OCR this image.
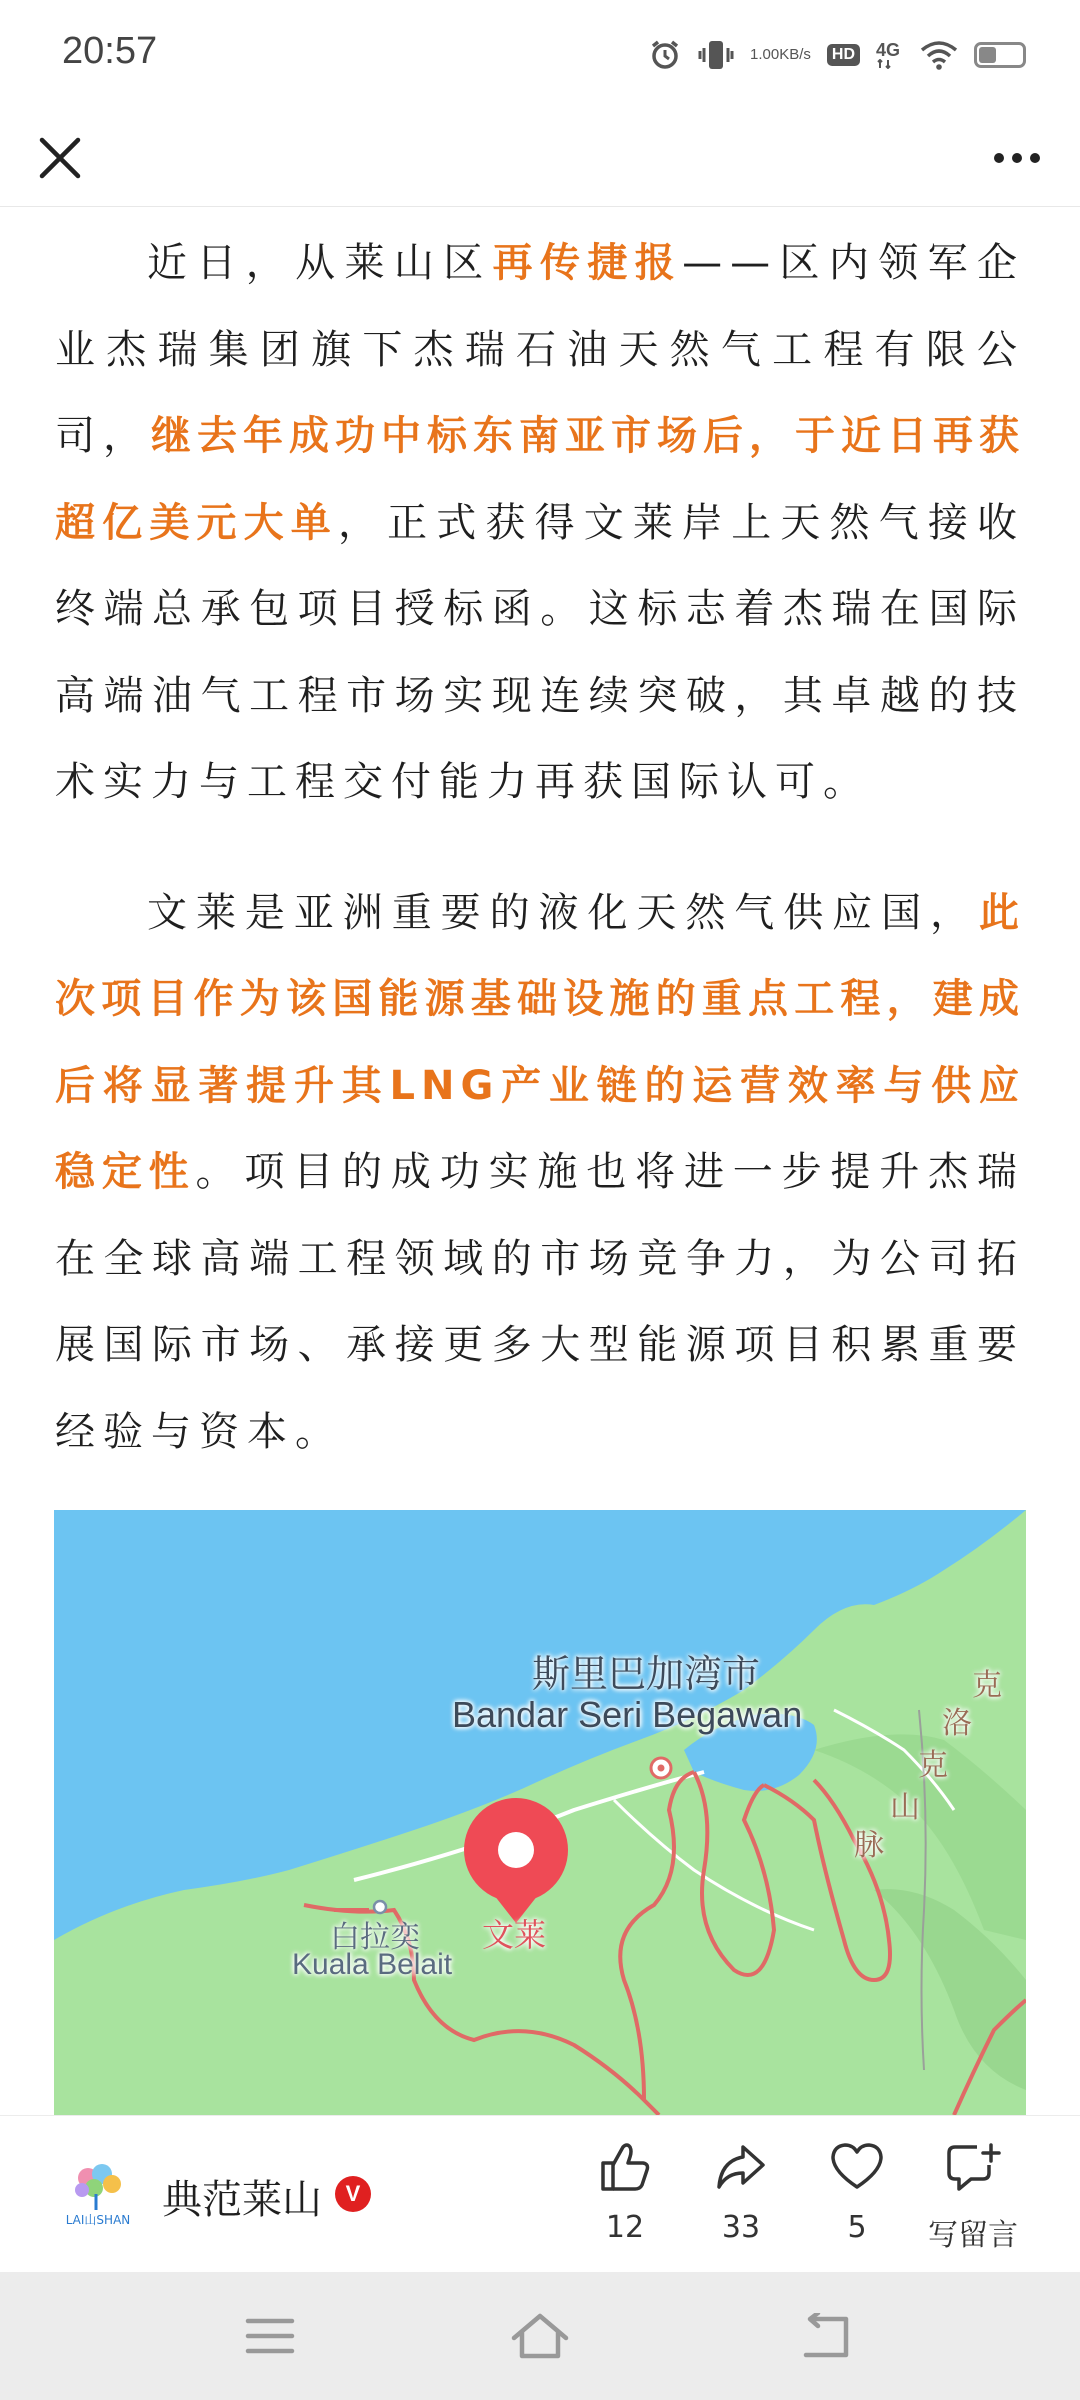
20:57	1.00 KB/s	HD 4G

近日，从莱山区再传捷报——区内领军企业杰瑞集团旗下杰瑞石油天然气工程有限公司，继去年成功中标东南亚市场后，于近日再获超亿美元大单，正式获得文莱岸上天然气接收终端总承包项目授标函。这标志着杰瑞在国际高端油气工程市场实现连续突破，其卓越的技术实力与工程交付能力再获国际认可。

文莱是亚洲重要的液化天然气供应国，此次项目作为该国能源基础设施的重点工程，建成后将显著提升其LNG产业链的运营效率与供应稳定性。项目的成功实施也将进一步提升杰瑞在全球高端工程领域的市场竞争力，为公司拓展国际市场、承接更多大型能源项目积累重要经验与资本。

斯里巴加湾市
Bandar Seri Begawan
文莱
白拉奕
Kuala Belait
克
洛
克
山
脉
LAI山SHAN 典范莱山	V
12	33	5	写留言
